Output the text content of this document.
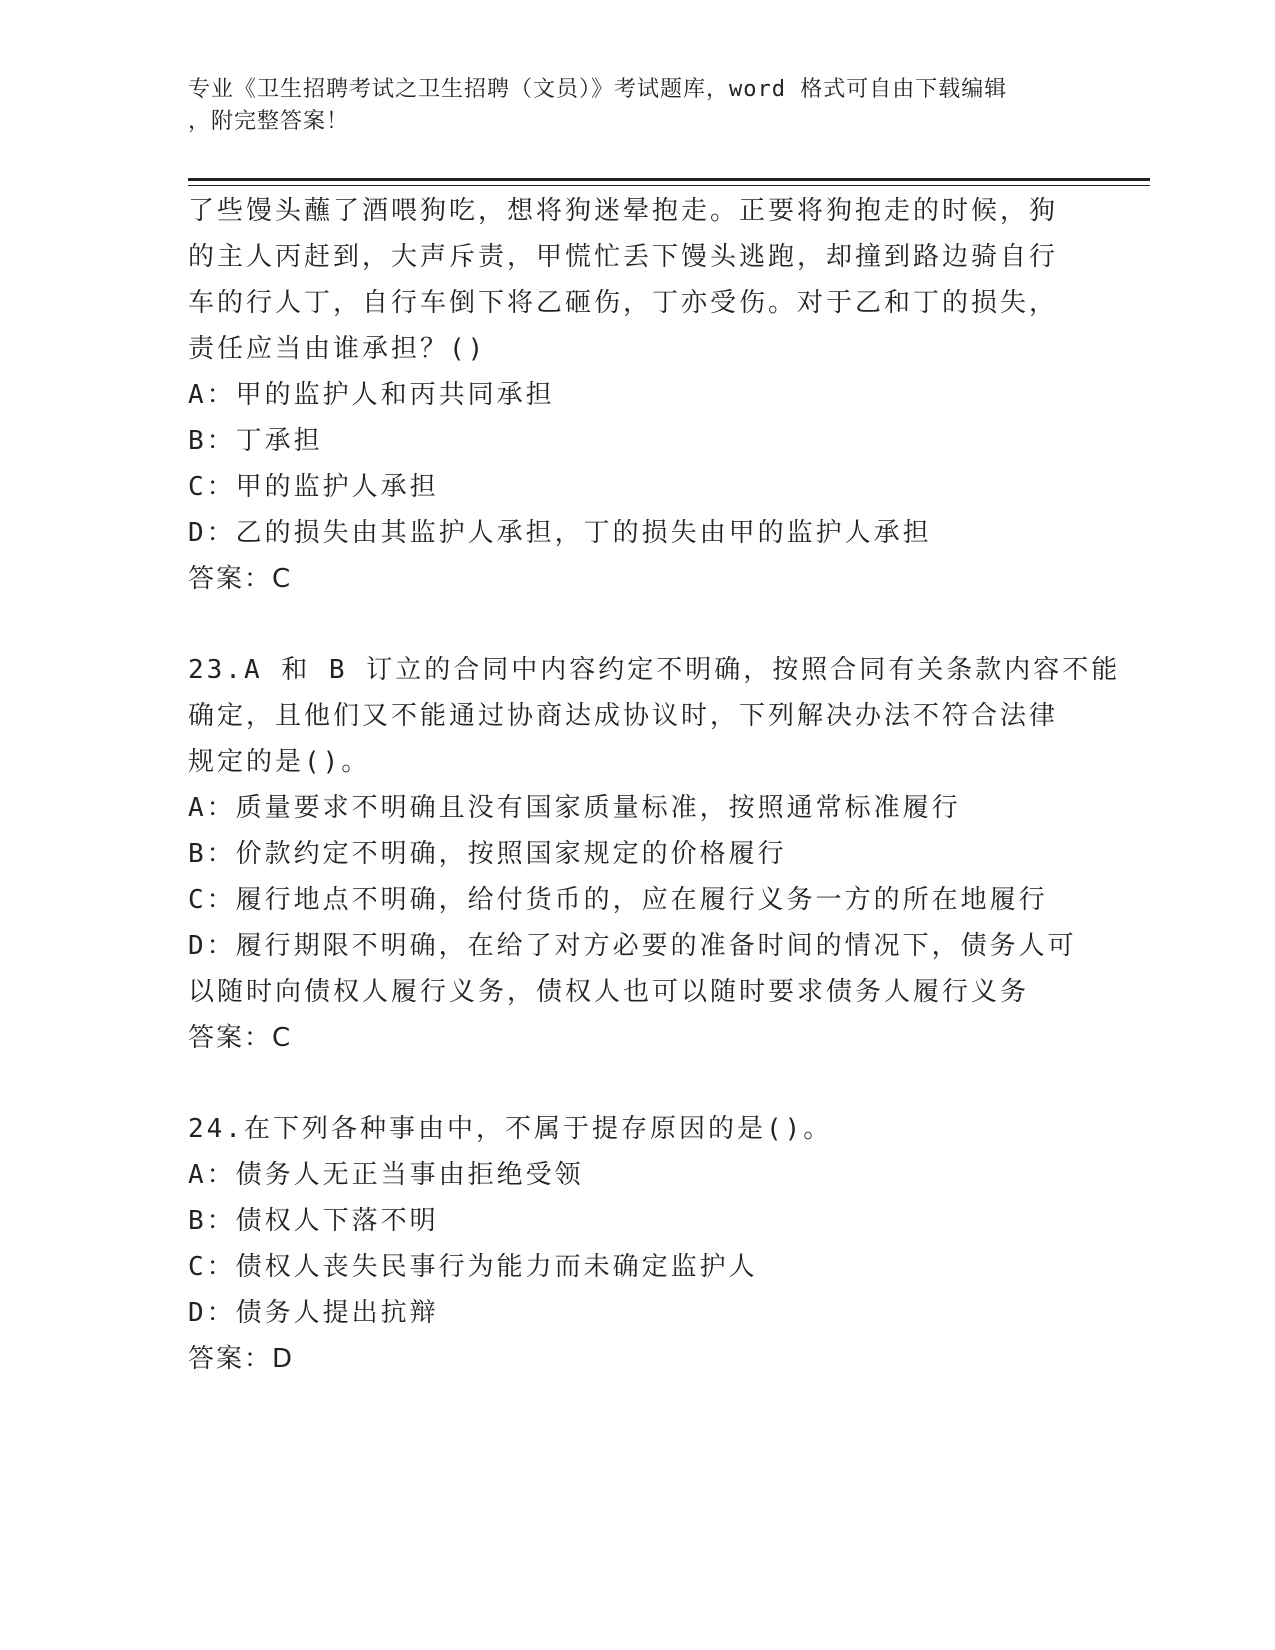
专业《卫生招聘考试之卫生招聘（文员）》考试题库，word 格式可自由下载编辑
，附完整答案！
了些馒头蘸了酒喂狗吃，想将狗迷晕抱走。正要将狗抱走的时候，狗
的主人丙赶到，大声斥责，甲慌忙丢下馒头逃跑，却撞到路边骑自行
车的行人丁，自行车倒下将乙砸伤，丁亦受伤。对于乙和丁的损失，
责任应当由谁承担？()
A：甲的监护人和丙共同承担
B：丁承担
C：甲的监护人承担
D：乙的损失由其监护人承担，丁的损失由甲的监护人承担
答案：C
23.A 和 B 订立的合同中内容约定不明确，按照合同有关条款内容不能
确定，且他们又不能通过协商达成协议时，下列解决办法不符合法律
规定的是()。
A：质量要求不明确且没有国家质量标准，按照通常标准履行
B：价款约定不明确，按照国家规定的价格履行
C：履行地点不明确，给付货币的，应在履行义务一方的所在地履行
D：履行期限不明确，在给了对方必要的准备时间的情况下，债务人可
以随时向债权人履行义务，债权人也可以随时要求债务人履行义务
答案：C
24.在下列各种事由中，不属于提存原因的是()。
A：债务人无正当事由拒绝受领
B：债权人下落不明
C：债权人丧失民事行为能力而未确定监护人
D：债务人提出抗辩
答案：D
